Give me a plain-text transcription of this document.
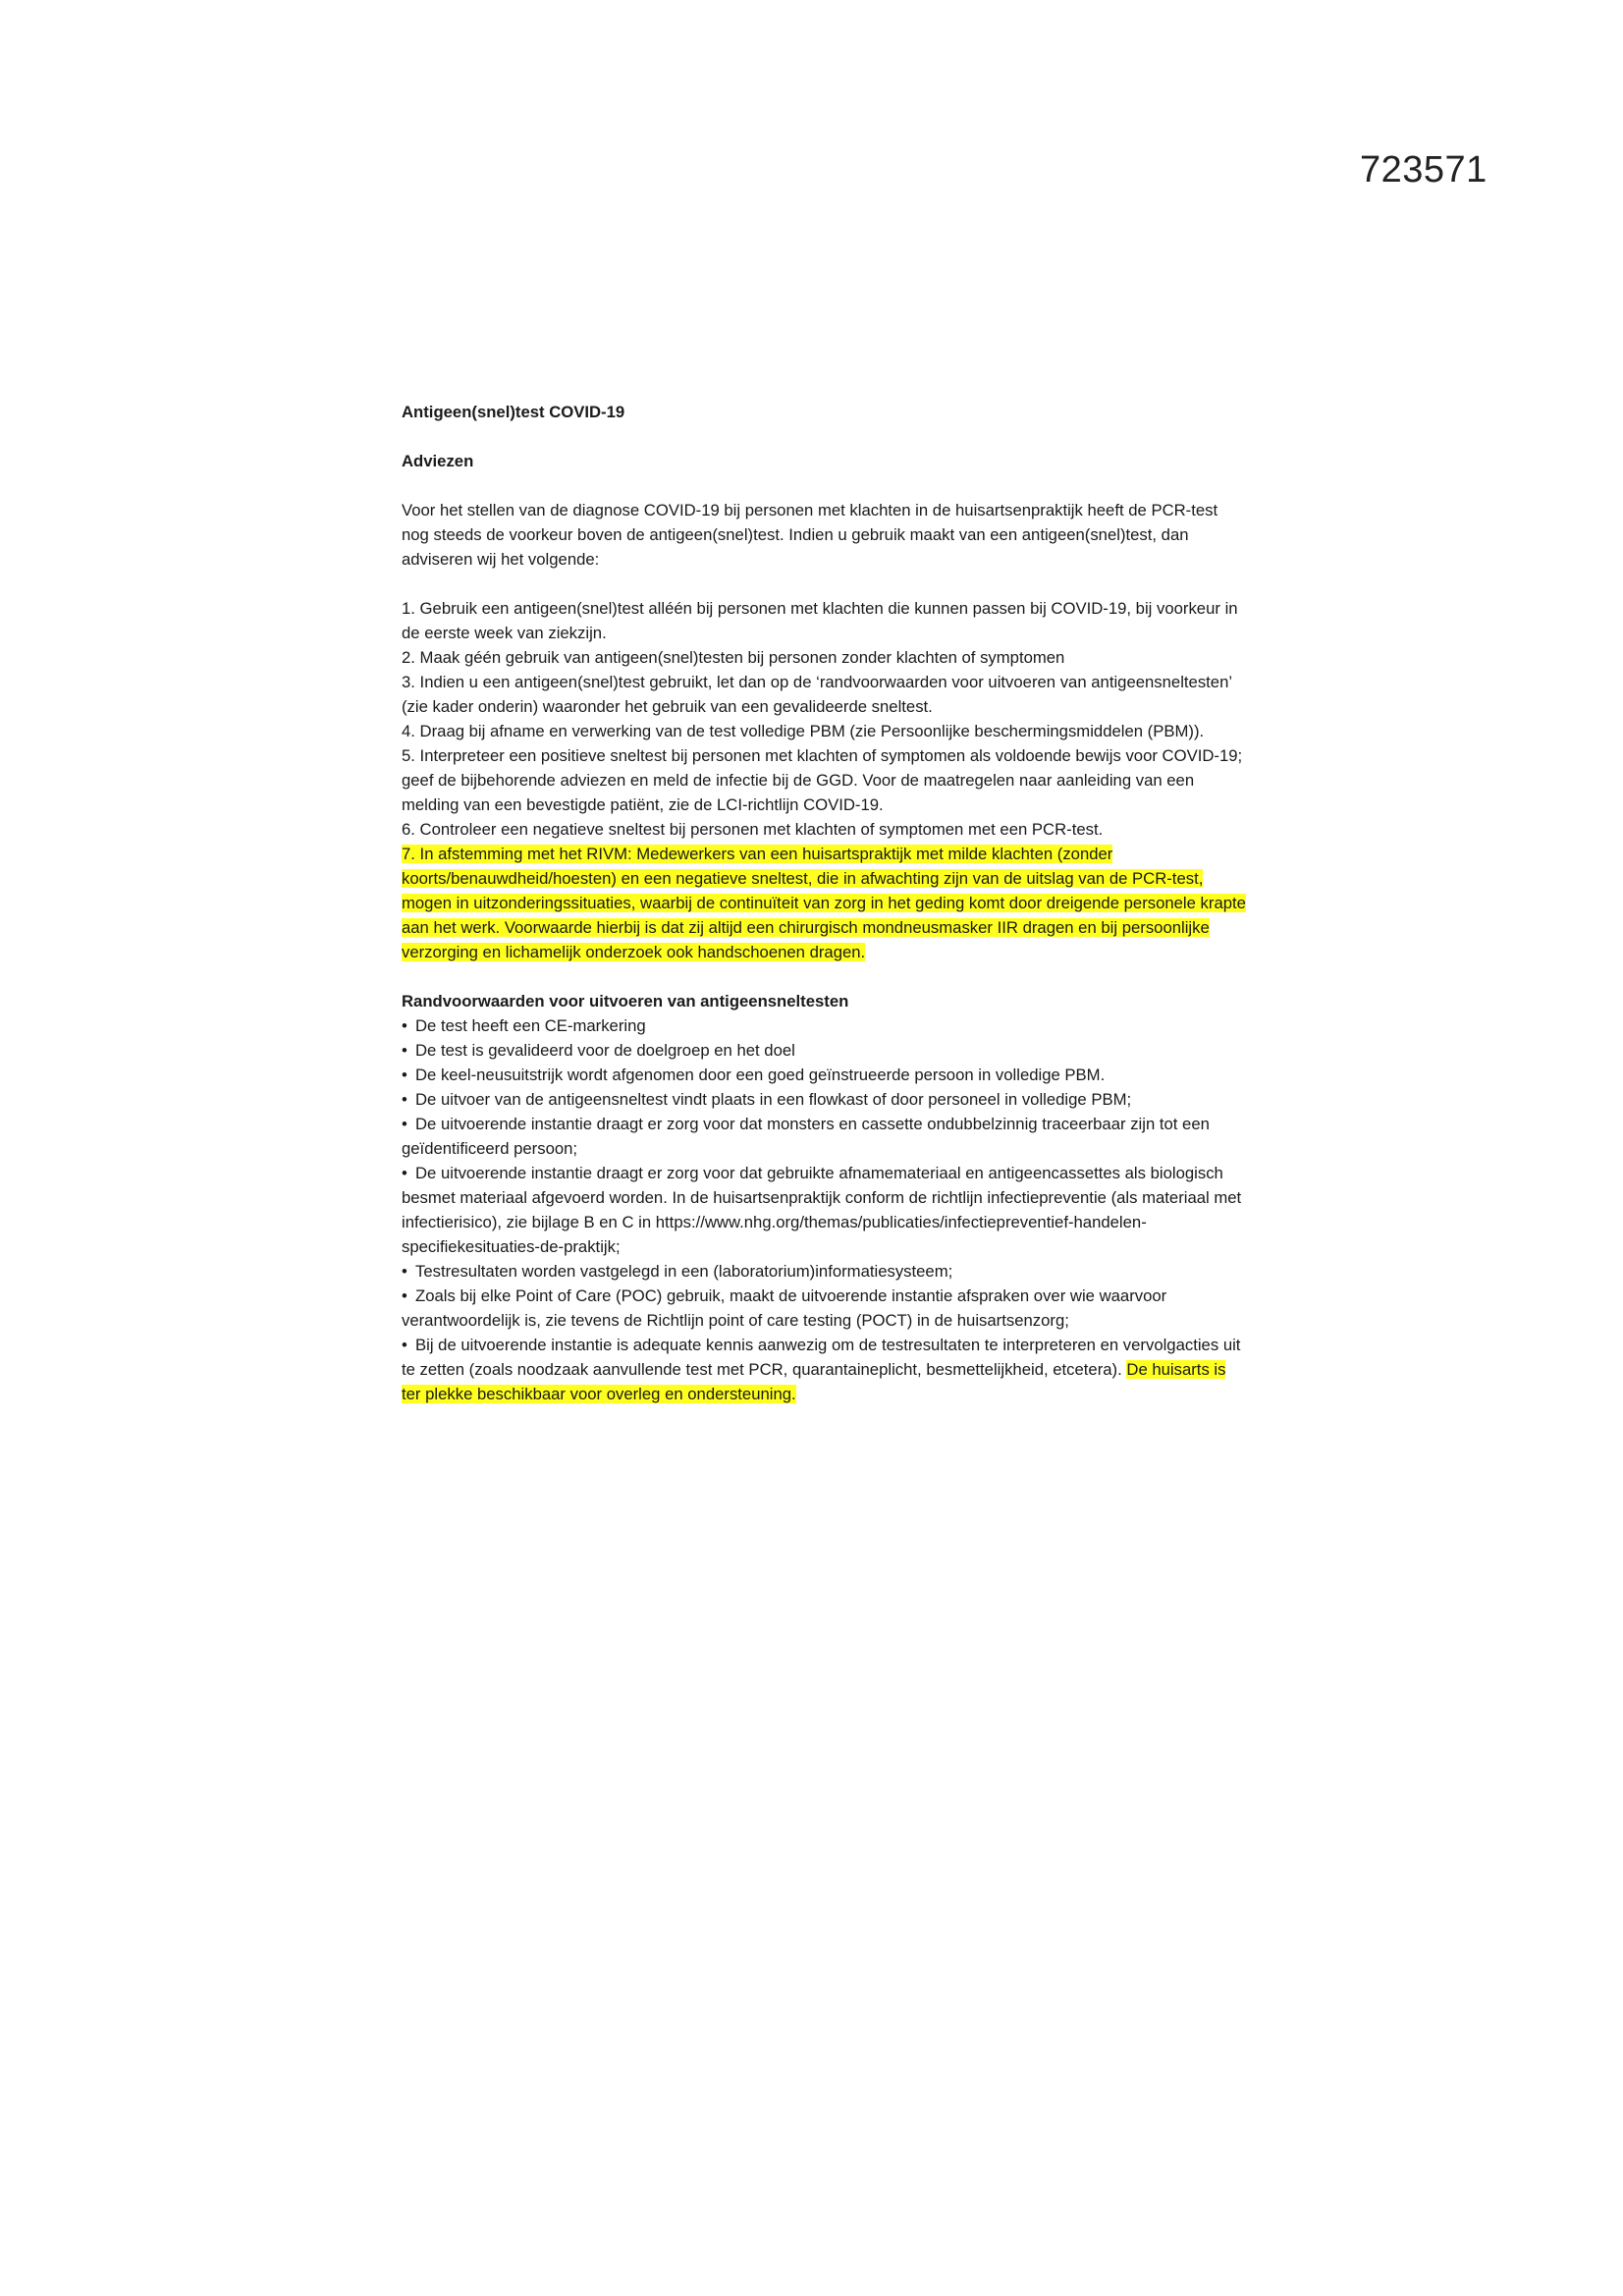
723571

Antigeen(snel)test COVID-19

Adviezen

Voor het stellen van de diagnose COVID-19 bij personen met klachten in de huisartsenpraktijk heeft de PCR-test nog steeds de voorkeur boven de antigeen(snel)test. Indien u gebruik maakt van een antigeen(snel)test, dan adviseren wij het volgende:

1. Gebruik een antigeen(snel)test alléén bij personen met klachten die kunnen passen bij COVID-19, bij voorkeur in de eerste week van ziekzijn.
2. Maak géén gebruik van antigeen(snel)testen bij personen zonder klachten of symptomen
3. Indien u een antigeen(snel)test gebruikt, let dan op de ‘randvoorwaarden voor uitvoeren van antigeensneltesten’ (zie kader onderin) waaronder het gebruik van een gevalideerde sneltest.
4. Draag bij afname en verwerking van de test volledige PBM (zie Persoonlijke beschermingsmiddelen (PBM)).
5. Interpreteer een positieve sneltest bij personen met klachten of symptomen als voldoende bewijs voor COVID-19; geef de bijbehorende adviezen en meld de infectie bij de GGD. Voor de maatregelen naar aanleiding van een melding van een bevestigde patiënt, zie de LCI-richtlijn COVID-19.
6. Controleer een negatieve sneltest bij personen met klachten of symptomen met een PCR-test.
7. In afstemming met het RIVM: Medewerkers van een huisartspraktijk met milde klachten (zonder koorts/benauwdheid/hoesten) en een negatieve sneltest, die in afwachting zijn van de uitslag van de PCR-test, mogen in uitzonderingssituaties, waarbij de continuïteit van zorg in het geding komt door dreigende personele krapte aan het werk. Voorwaarde hierbij is dat zij altijd een chirurgisch mondneusmasker IIR dragen en bij persoonlijke verzorging en lichamelijk onderzoek ook handschoenen dragen.

Randvoorwaarden voor uitvoeren van antigeensneltesten

• De test heeft een CE-markering
• De test is gevalideerd voor de doelgroep en het doel
• De keel-neusuitstrijk wordt afgenomen door een goed geïnstrueerde persoon in volledige PBM.
• De uitvoer van de antigeensneltest vindt plaats in een flowkast of door personeel in volledige PBM;
• De uitvoerende instantie draagt er zorg voor dat monsters en cassette ondubbelzinnig traceerbaar zijn tot een geïdentificeerd persoon;
• De uitvoerende instantie draagt er zorg voor dat gebruikte afnamemateriaal en antigeencassettes als biologisch besmet materiaal afgevoerd worden. In de huisartsenpraktijk conform de richtlijn infectiepreventie (als materiaal met infectierisico), zie bijlage B en C in https://www.nhg.org/themas/publicaties/infectiepreventief-handelen-specifiekesituaties-de-praktijk;
• Testresultaten worden vastgelegd in een (laboratorium)informatiesysteem;
• Zoals bij elke Point of Care (POC) gebruik, maakt de uitvoerende instantie afspraken over wie waarvoor verantwoordelijk is, zie tevens de Richtlijn point of care testing (POCT) in de huisartsenzorg;
• Bij de uitvoerende instantie is adequate kennis aanwezig om de testresultaten te interpreteren en vervolgacties uit te zetten (zoals noodzaak aanvullende test met PCR, quarantaineplicht, besmettelijkheid, etcetera). De huisarts is ter plekke beschikbaar voor overleg en ondersteuning.
